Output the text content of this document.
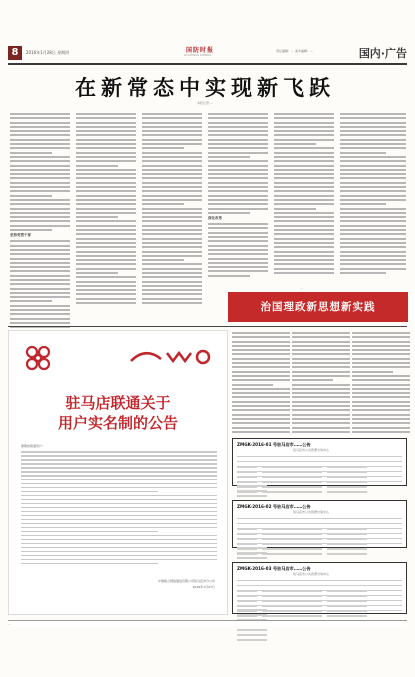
8	2016年1月28日 星期四	国防时报
GUOFANG SHIBAO
责任编辑：… 美术编辑：…	国内·广告
在新常态中实现新飞跃
本报记者 …
坚持党管干部
深化改革
…
治国理政新思想新实践
驻马店联通关于
用户实名制的公告
尊敬的联通用户：
中国联合网络通信有限公司驻马店市分公司
2016年1月27日
ZMGK-2016-01 号驻马店市……公告
驻马店市公共资源交易中心

ZMGK-2016-02 号驻马店市……公告
驻马店市公共资源交易中心

ZMGK-2016-03 号驻马店市……公告
驻马店市公共资源交易中心

…
